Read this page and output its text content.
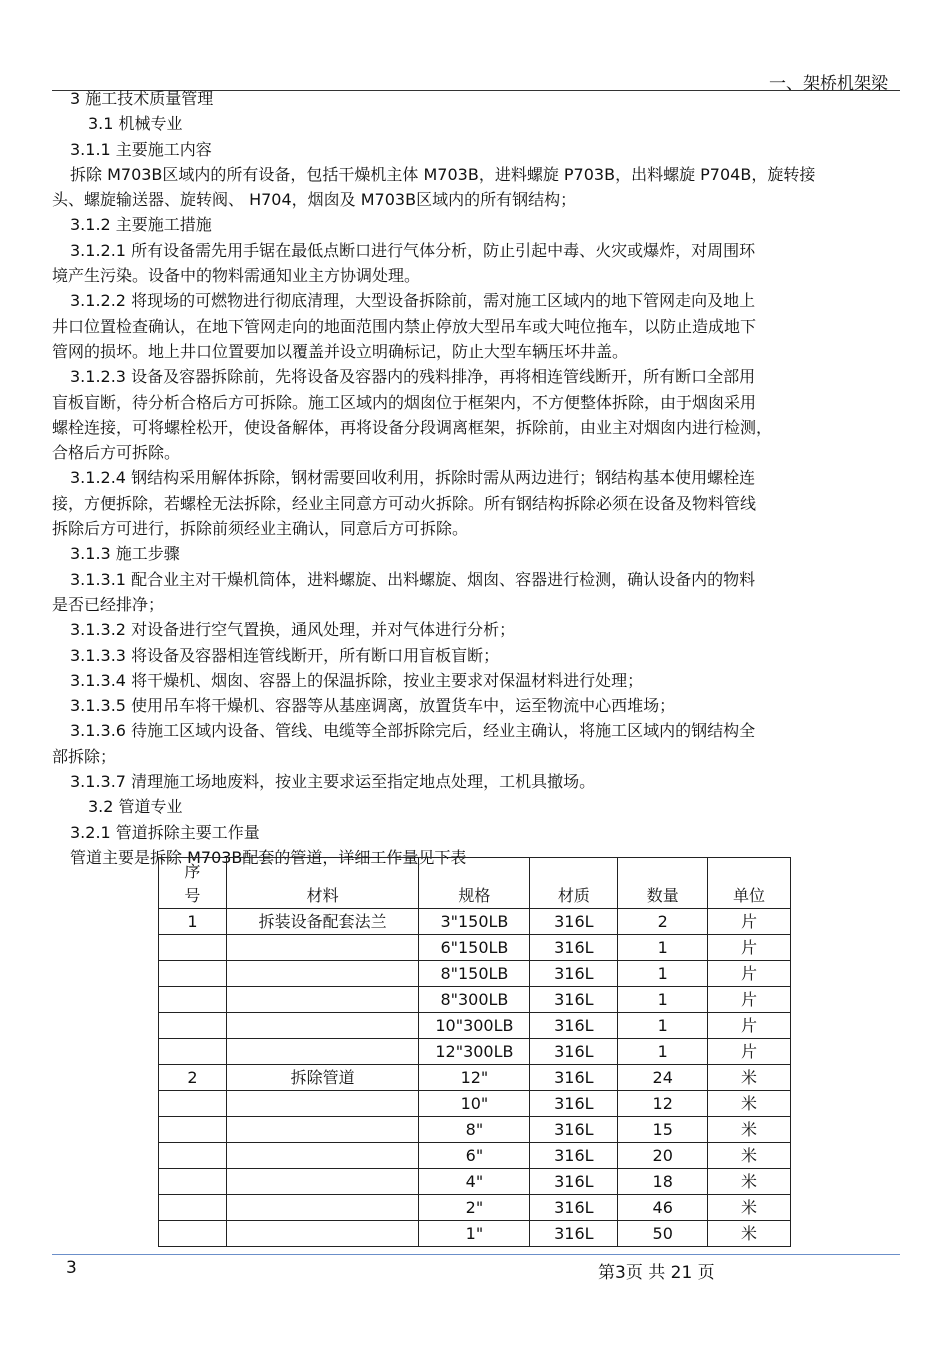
一、架桥机架梁

3 施工技术质量管理

3.1 机械专业

3.1.1 主要施工内容

拆除 M703B区域内的所有设备，包括干燥机主体 M703B，进料螺旋 P703B，出料螺旋 P704B，旋转接

头、螺旋输送器、旋转阀、 H704，烟囱及 M703B区域内的所有钢结构；

3.1.2 主要施工措施

3.1.2.1 所有设备需先用手锯在最低点断口进行气体分析，防止引起中毒、火灾或爆炸，对周围环

境产生污染。设备中的物料需通知业主方协调处理。

3.1.2.2 将现场的可燃物进行彻底清理，大型设备拆除前，需对施工区域内的地下管网走向及地上

井口位置检查确认，在地下管网走向的地面范围内禁止停放大型吊车或大吨位拖车，以防止造成地下

管网的损坏。地上井口位置要加以覆盖并设立明确标记，防止大型车辆压坏井盖。

3.1.2.3 设备及容器拆除前，先将设备及容器内的残料排净，再将相连管线断开，所有断口全部用

盲板盲断，待分析合格后方可拆除。施工区域内的烟囱位于框架内，不方便整体拆除，由于烟囱采用

螺栓连接，可将螺栓松开，使设备解体，再将设备分段调离框架，拆除前，由业主对烟囱内进行检测，

合格后方可拆除。

3.1.2.4 钢结构采用解体拆除，钢材需要回收利用，拆除时需从两边进行；钢结构基本使用螺栓连

接，方便拆除，若螺栓无法拆除，经业主同意方可动火拆除。所有钢结构拆除必须在设备及物料管线

拆除后方可进行，拆除前须经业主确认，同意后方可拆除。

3.1.3 施工步骤

3.1.3.1 配合业主对干燥机筒体，进料螺旋、出料螺旋、烟囱、容器进行检测，确认设备内的物料

是否已经排净；

3.1.3.2 对设备进行空气置换，通风处理，并对气体进行分析；

3.1.3.3 将设备及容器相连管线断开，所有断口用盲板盲断；

3.1.3.4 将干燥机、烟囱、容器上的保温拆除，按业主要求对保温材料进行处理；

3.1.3.5 使用吊车将干燥机、容器等从基座调离，放置货车中，运至物流中心西堆场；

3.1.3.6 待施工区域内设备、管线、电缆等全部拆除完后，经业主确认，将施工区域内的钢结构全

部拆除；

3.1.3.7 清理施工场地废料，按业主要求运至指定地点处理，工机具撤场。

3.2 管道专业

3.2.1 管道拆除主要工作量

管道主要是拆除 M703B配套的管道，详细工作量见下表

序
号	材料	规格	材质	数量	单位
1	拆装设备配套法兰	3"150LB	316L	2	片
		6"150LB	316L	1	片
		8"150LB	316L	1	片
		8"300LB	316L	1	片
		10"300LB	316L	1	片
		12"300LB	316L	1	片
2	拆除管道	12"	316L	24	米
		10"	316L	12	米
		8"	316L	15	米
		6"	316L	20	米
		4"	316L	18	米
		2"	316L	46	米
		1"	316L	50	米
3	第3页 共 21 页
